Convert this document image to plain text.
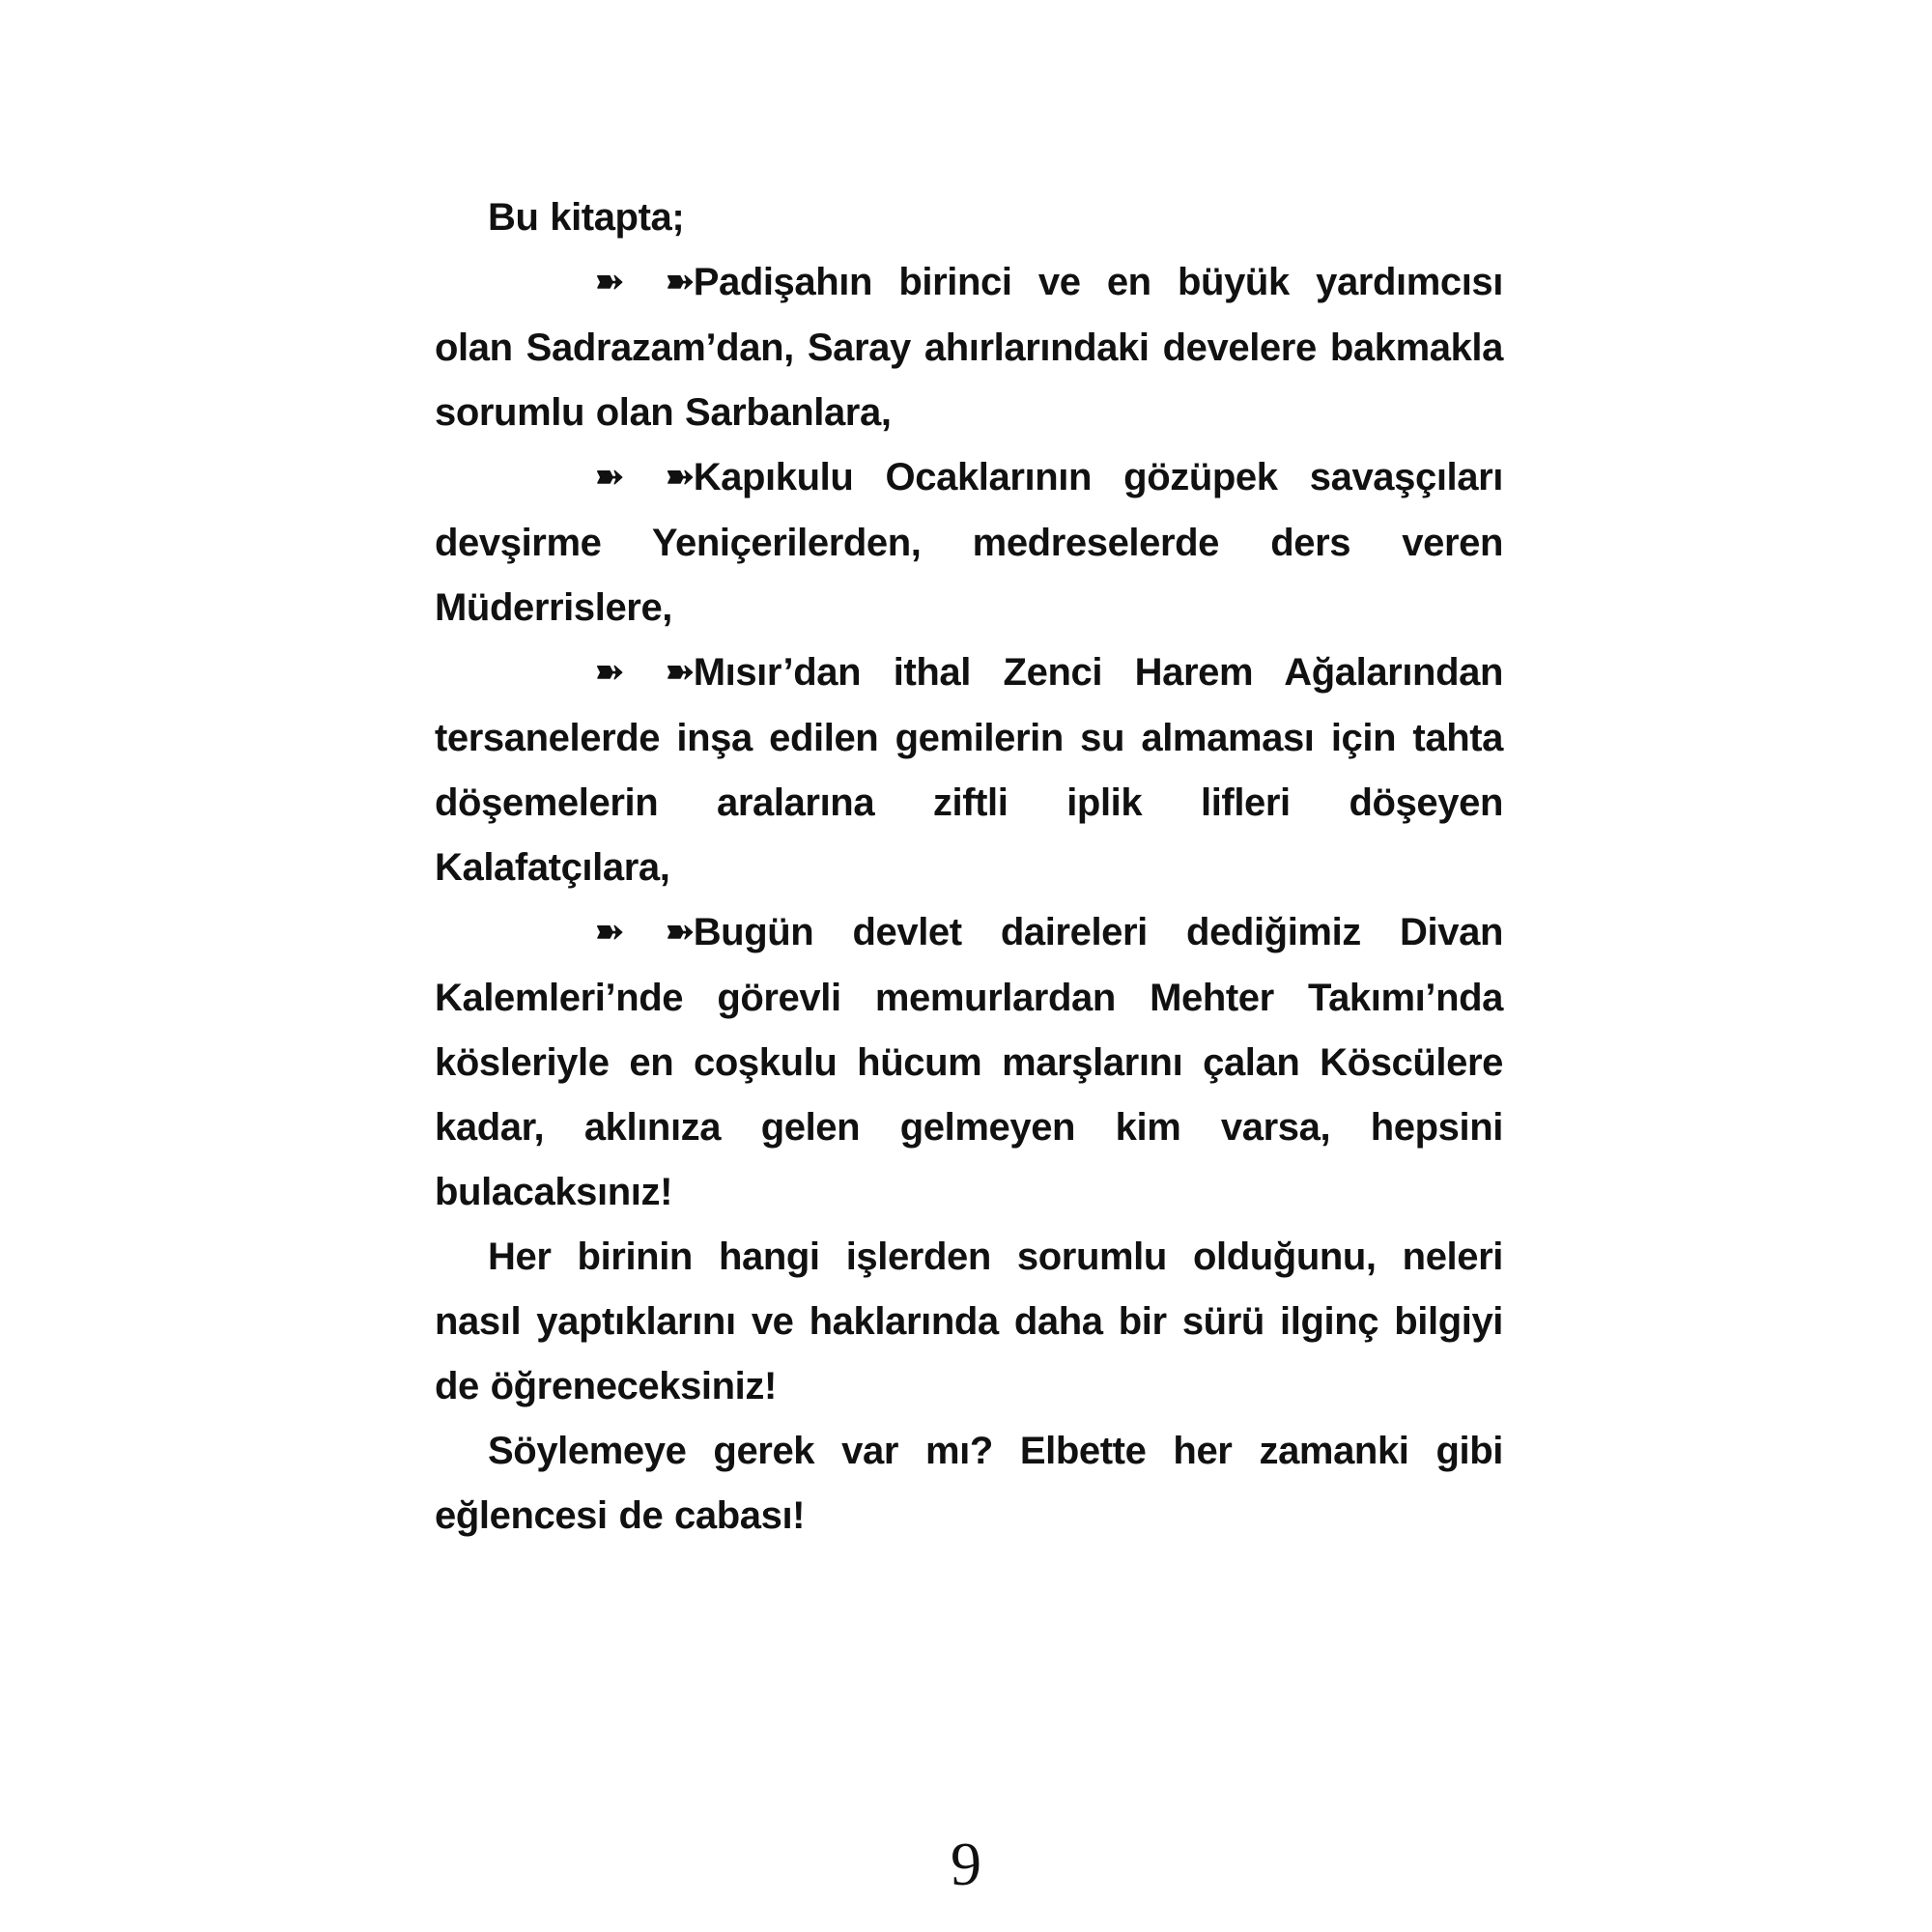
Bu kitapta;

➽ ➽ Padişahın birinci ve en büyük yardımcısı olan Sadrazam’dan, Saray ahırlarındaki develere bakmakla sorumlu olan Sarbanlara,

➽ ➽ Kapıkulu Ocaklarının gözüpek savaşçıları devşirme Yeniçerilerden, medreselerde ders veren Müderrislere,

➽ ➽ Mısır’dan ithal Zenci Harem Ağalarından tersanelerde inşa edilen gemilerin su almaması için tahta döşemelerin aralarına ziftli iplik lifleri döşeyen Kalafatçılara,

➽ ➽ Bugün devlet daireleri dediğimiz Divan Kalemleri’nde görevli memurlardan Mehter Takımı’nda kösleriyle en coşkulu hücum marşlarını çalan Köscülere kadar, aklınıza gelen gelmeyen kim varsa, hepsini bulacaksınız!

Her birinin hangi işlerden sorumlu olduğunu, neleri nasıl yaptıklarını ve haklarında daha bir sürü ilginç bilgiyi de öğreneceksiniz!

Söylemeye gerek var mı? Elbette her zamanki gibi eğlencesi de cabası!

9
